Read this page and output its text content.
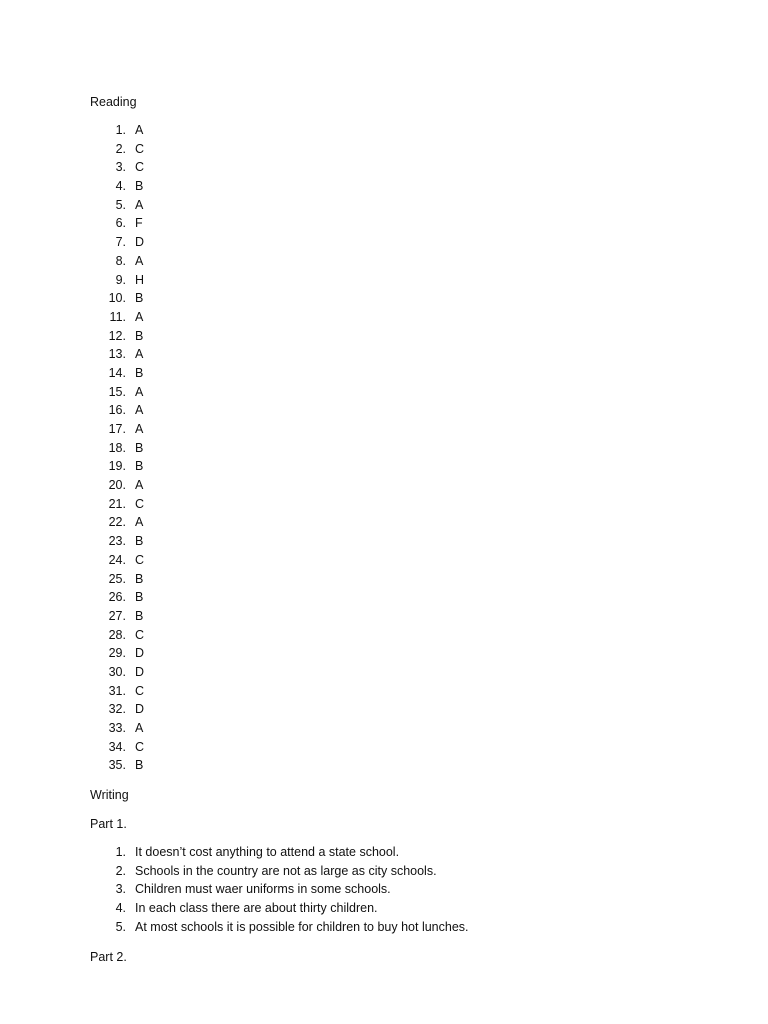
Reading

1. A
2. C
3. C
4. B
5. A
6. F
7. D
8. A
9. H
10. B
11. A
12. B
13. A
14. B
15. A
16. A
17. A
18. B
19. B
20. A
21. C
22. A
23. B
24. C
25. B
26. B
27. B
28. C
29. D
30. D
31. C
32. D
33. A
34. C
35. B

Writing

Part 1.

1. It doesn’t cost anything to attend a state school.
2. Schools in the country are not as large as city schools.
3. Children must waer uniforms in some schools.
4. In each class there are about thirty children.
5. At most schools it is possible for children to buy hot lunches.

Part 2.
